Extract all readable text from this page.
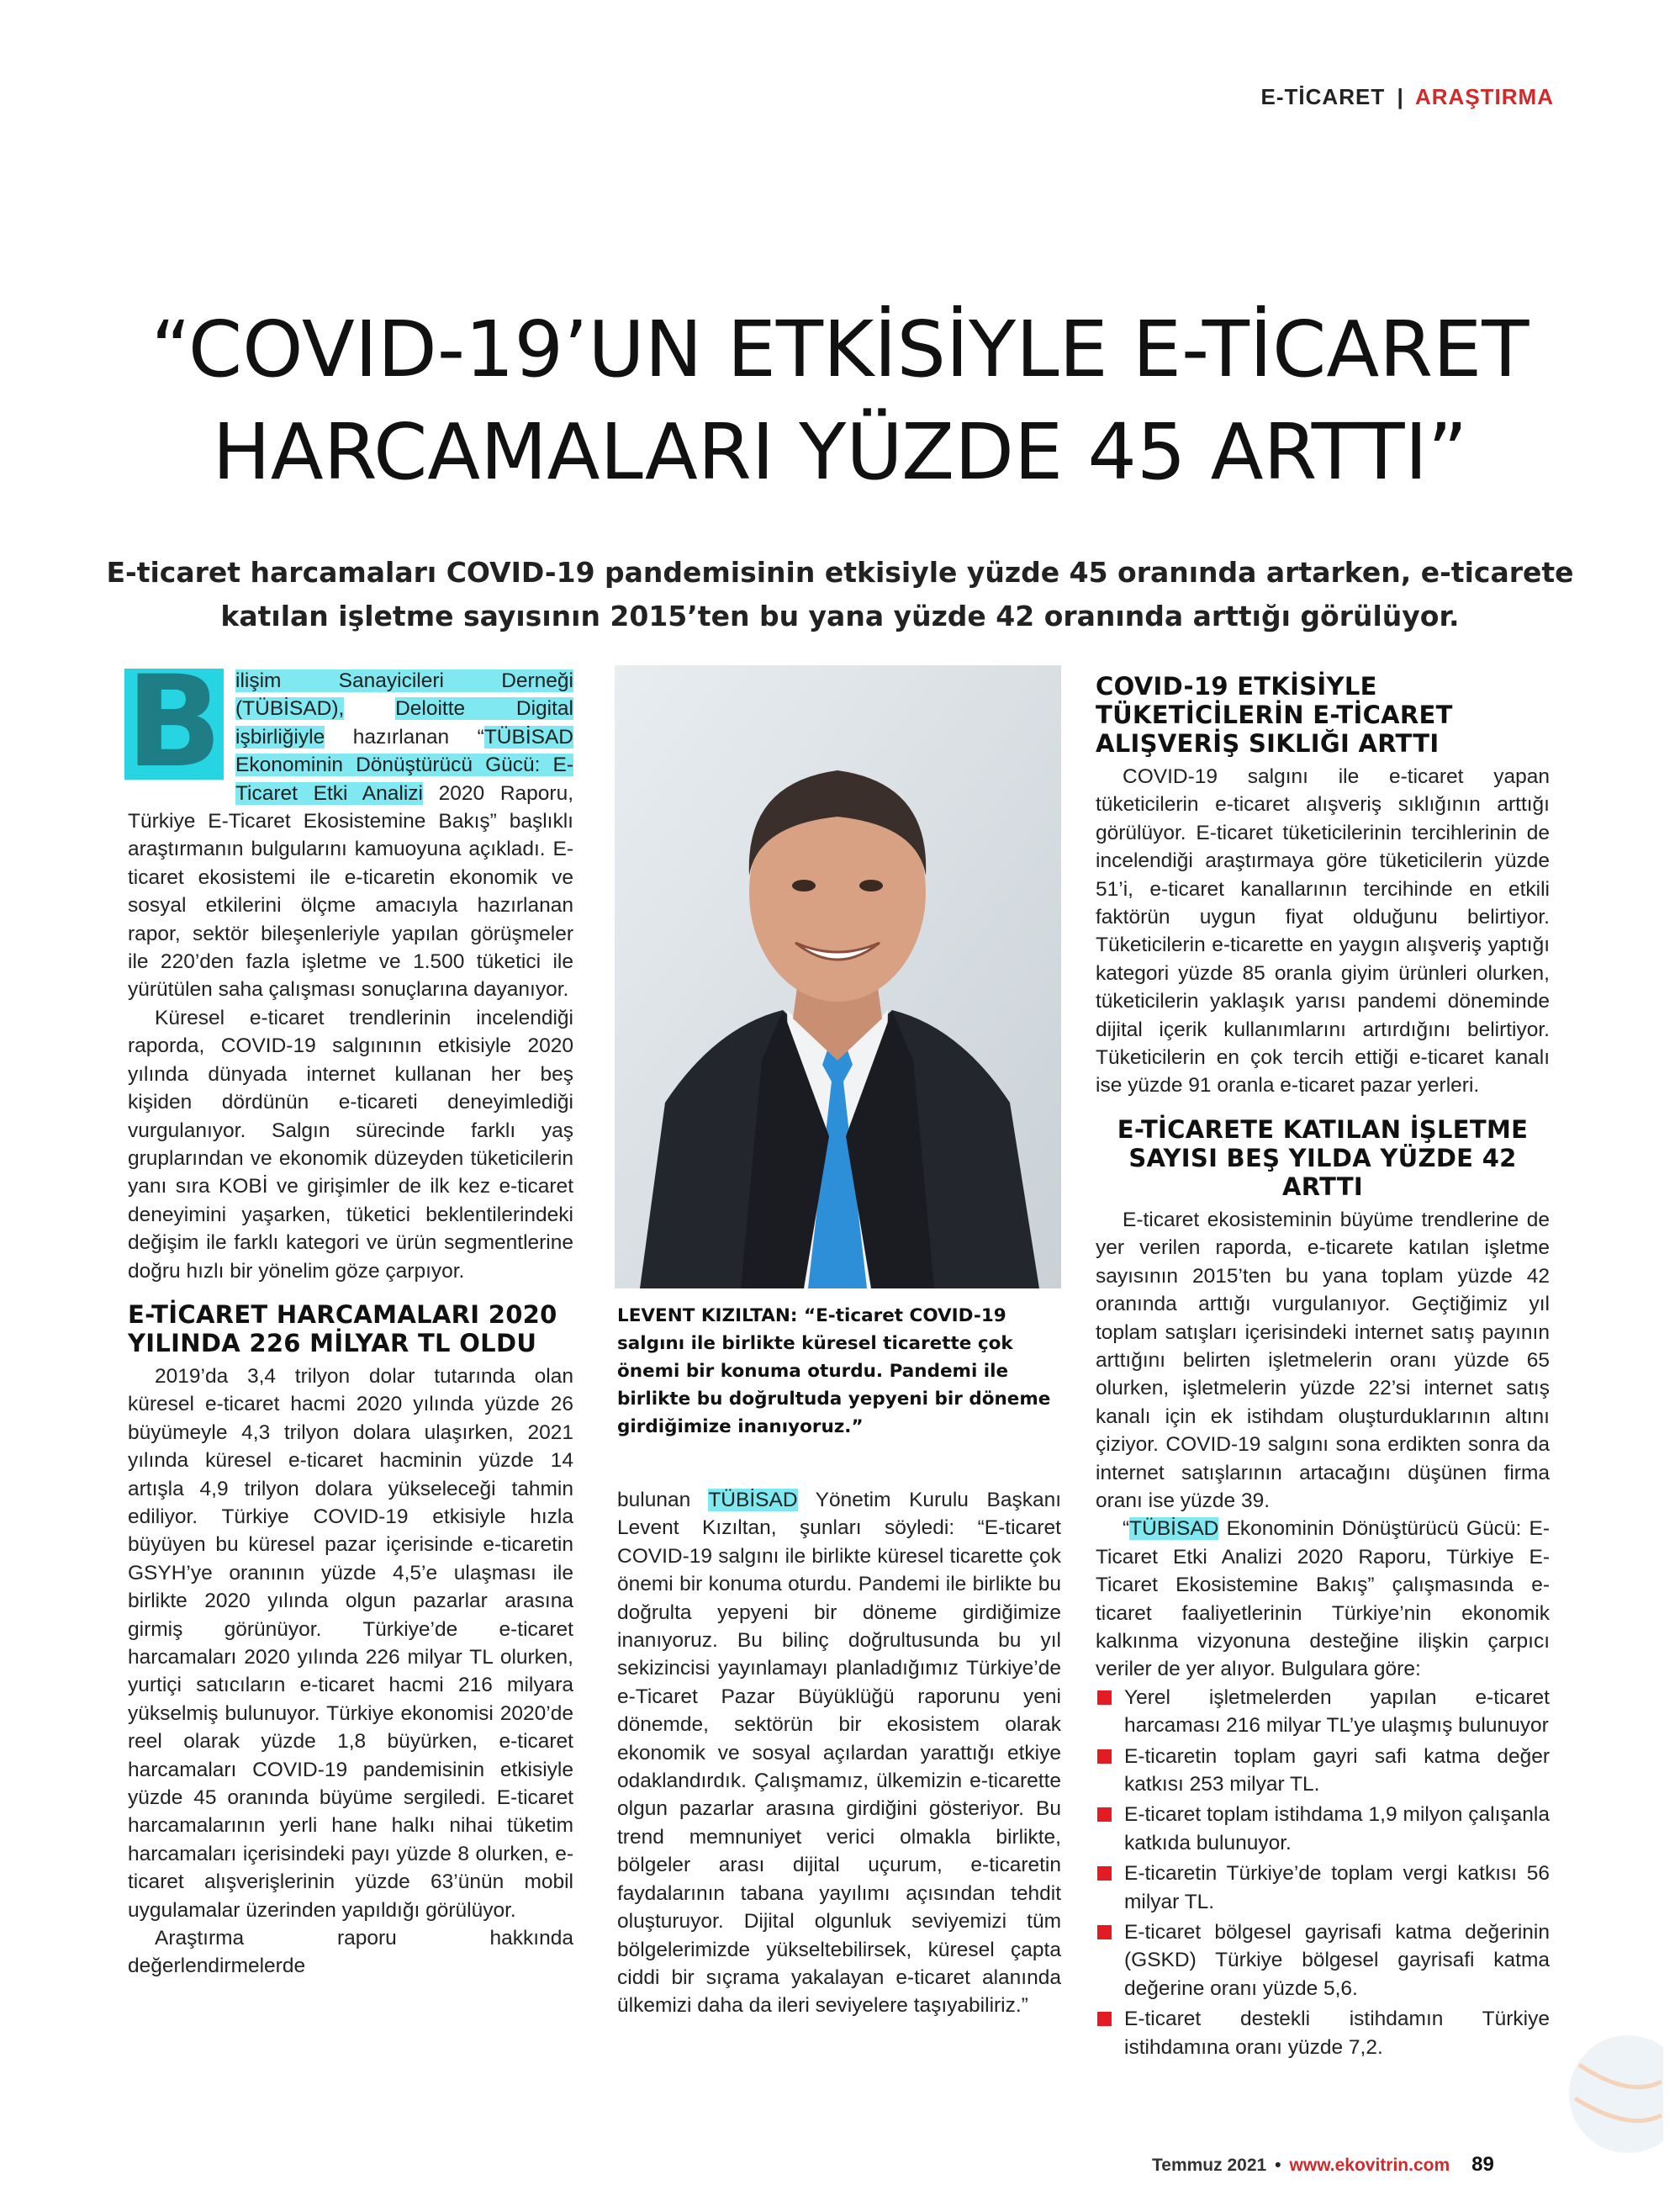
E-TİCARET | ARAŞTIRMA
“COVID-19’UN ETKİSİYLE E-TİCARET
HARCAMALARI YÜZDE 45 ARTTI”
E-ticaret harcamaları COVID-19 pandemisinin etkisiyle yüzde 45 oranında artarken, e-ticarete
katılan işletme sayısının 2015’ten bu yana yüzde 42 oranında arttığı görülüyor.

B ilişim Sanayicileri Derneği (TÜBİSAD), Deloitte Digital işbirliğiyle hazırlanan “TÜBİSAD Ekonominin Dönüştürücü Gücü: E-Ticaret Etki Analizi 2020 Raporu, Türkiye E-Ticaret Ekosistemine Bakış” başlıklı araştırmanın bulgularını kamuoyuna açıkladı. E-ticaret ekosistemi ile e-ticaretin ekonomik ve sosyal etkilerini ölçme amacıyla hazırlanan rapor, sektör bileşenleriyle yapılan görüşmeler ile 220’den fazla işletme ve 1.500 tüketici ile yürütülen saha çalışması sonuçlarına dayanıyor.

Küresel e-ticaret trendlerinin incelendiği raporda, COVID-19 salgınının etkisiyle 2020 yılında dünyada internet kullanan her beş kişiden dördünün e-ticareti deneyimlediği vurgulanıyor. Salgın sürecinde farklı yaş gruplarından ve ekonomik düzeyden tüketicilerin yanı sıra KOBİ ve girişimler de ilk kez e-ticaret deneyimini yaşarken, tüketici beklentilerindeki değişim ile farklı kategori ve ürün segmentlerine doğru hızlı bir yönelim göze çarpıyor.

E-TİCARET HARCAMALARI 2020 YILINDA 226 MİLYAR TL OLDU

2019’da 3,4 trilyon dolar tutarında olan küresel e-ticaret hacmi 2020 yılında yüzde 26 büyümeyle 4,3 trilyon dolara ulaşırken, 2021 yılında küresel e-ticaret hacminin yüzde 14 artışla 4,9 trilyon dolara yükseleceği tahmin ediliyor. Türkiye COVID-19 etkisiyle hızla büyüyen bu küresel pazar içerisinde e-ticaretin GSYH’ye oranının yüzde 4,5’e ulaşması ile birlikte 2020 yılında olgun pazarlar arasına girmiş görünüyor. Türkiye’de e-ticaret harcamaları 2020 yılında 226 milyar TL olurken, yurtiçi satıcıların e-ticaret hacmi 216 milyara yükselmiş bulunuyor. Türkiye ekonomisi 2020’de reel olarak yüzde 1,8 büyürken, e-ticaret harcamaları COVID-19 pandemisinin etkisiyle yüzde 45 oranında büyüme sergiledi. E-ticaret harcamalarının yerli hane halkı nihai tüketim harcamaları içerisindeki payı yüzde 8 olurken, e-ticaret alışverişlerinin yüzde 63’ünün mobil uygulamalar üzerinden yapıldığı görülüyor.

Araştırma raporu hakkında değerlendirmelerde

LEVENT KIZILTAN: “E-ticaret COVID-19 salgını ile birlikte küresel ticarette çok önemi bir konuma oturdu. Pandemi ile birlikte bu doğrultuda yepyeni bir döneme girdiğimize inanıyoruz.”

bulunan TÜBİSAD Yönetim Kurulu Başkanı Levent Kızıltan, şunları söyledi: “E-ticaret COVID-19 salgını ile birlikte küresel ticarette çok önemi bir konuma oturdu. Pandemi ile birlikte bu doğrulta yepyeni bir döneme girdiğimize inanıyoruz. Bu bilinç doğrultusunda bu yıl sekizincisi yayınlamayı planladığımız Türkiye’de e-Ticaret Pazar Büyüklüğü raporunu yeni dönemde, sektörün bir ekosistem olarak ekonomik ve sosyal açılardan yarattığı etkiye odaklandırdık. Çalışmamız, ülkemizin e-ticarette olgun pazarlar arasına girdiğini gösteriyor. Bu trend memnuniyet verici olmakla birlikte, bölgeler arası dijital uçurum, e-ticaretin faydalarının tabana yayılımı açısından tehdit oluşturuyor. Dijital olgunluk seviyemizi tüm bölgelerimizde yükseltebilirsek, küresel çapta ciddi bir sıçrama yakalayan e-ticaret alanında ülkemizi daha da ileri seviyelere taşıyabiliriz.”

COVID-19 ETKİSİYLE TÜKETİCİLERİN E-TİCARET ALIŞVERİŞ SIKLIĞI ARTTI

COVID-19 salgını ile e-ticaret yapan tüketicilerin e-ticaret alışveriş sıklığının arttığı görülüyor. E-ticaret tüketicilerinin tercihlerinin de incelendiği araştırmaya göre tüketicilerin yüzde 51’i, e-ticaret kanallarının tercihinde en etkili faktörün uygun fiyat olduğunu belirtiyor. Tüketicilerin e-ticarette en yaygın alışveriş yaptığı kategori yüzde 85 oranla giyim ürünleri olurken, tüketicilerin yaklaşık yarısı pandemi döneminde dijital içerik kullanımlarını artırdığını belirtiyor. Tüketicilerin en çok tercih ettiği e-ticaret kanalı ise yüzde 91 oranla e-ticaret pazar yerleri.

E-TİCARETE KATILAN İŞLETME SAYISI BEŞ YILDA YÜZDE 42 ARTTI

E-ticaret ekosisteminin büyüme trendlerine de yer verilen raporda, e-ticarete katılan işletme sayısının 2015’ten bu yana toplam yüzde 42 oranında arttığı vurgulanıyor. Geçtiğimiz yıl toplam satışları içerisindeki internet satış payının arttığını belirten işletmelerin oranı yüzde 65 olurken, işletmelerin yüzde 22’si internet satış kanalı için ek istihdam oluşturduklarının altını çiziyor. COVID-19 salgını sona erdikten sonra da internet satışlarının artacağını düşünen firma oranı ise yüzde 39.

“TÜBİSAD Ekonominin Dönüştürücü Gücü: E-Ticaret Etki Analizi 2020 Raporu, Türkiye E-Ticaret Ekosistemine Bakış” çalışmasında e-ticaret faaliyetlerinin Türkiye’nin ekonomik kalkınma vizyonuna desteğine ilişkin çarpıcı veriler de yer alıyor. Bulgulara göre:

Yerel işletmelerden yapılan e-ticaret harcaması 216 milyar TL’ye ulaşmış bulunuyor
E-ticaretin toplam gayri safi katma değer katkısı 253 milyar TL.
E-ticaret toplam istihdama 1,9 milyon çalışanla katkıda bulunuyor.
E-ticaretin Türkiye’de toplam vergi katkısı 56 milyar TL.
E-ticaret bölgesel gayrisafi katma değerinin (GSKD) Türkiye bölgesel gayrisafi katma değerine oranı yüzde 5,6.
E-ticaret destekli istihdamın Türkiye istihdamına oranı yüzde 7,2.
Temmuz 2021 • www.ekovitrin.com 89
